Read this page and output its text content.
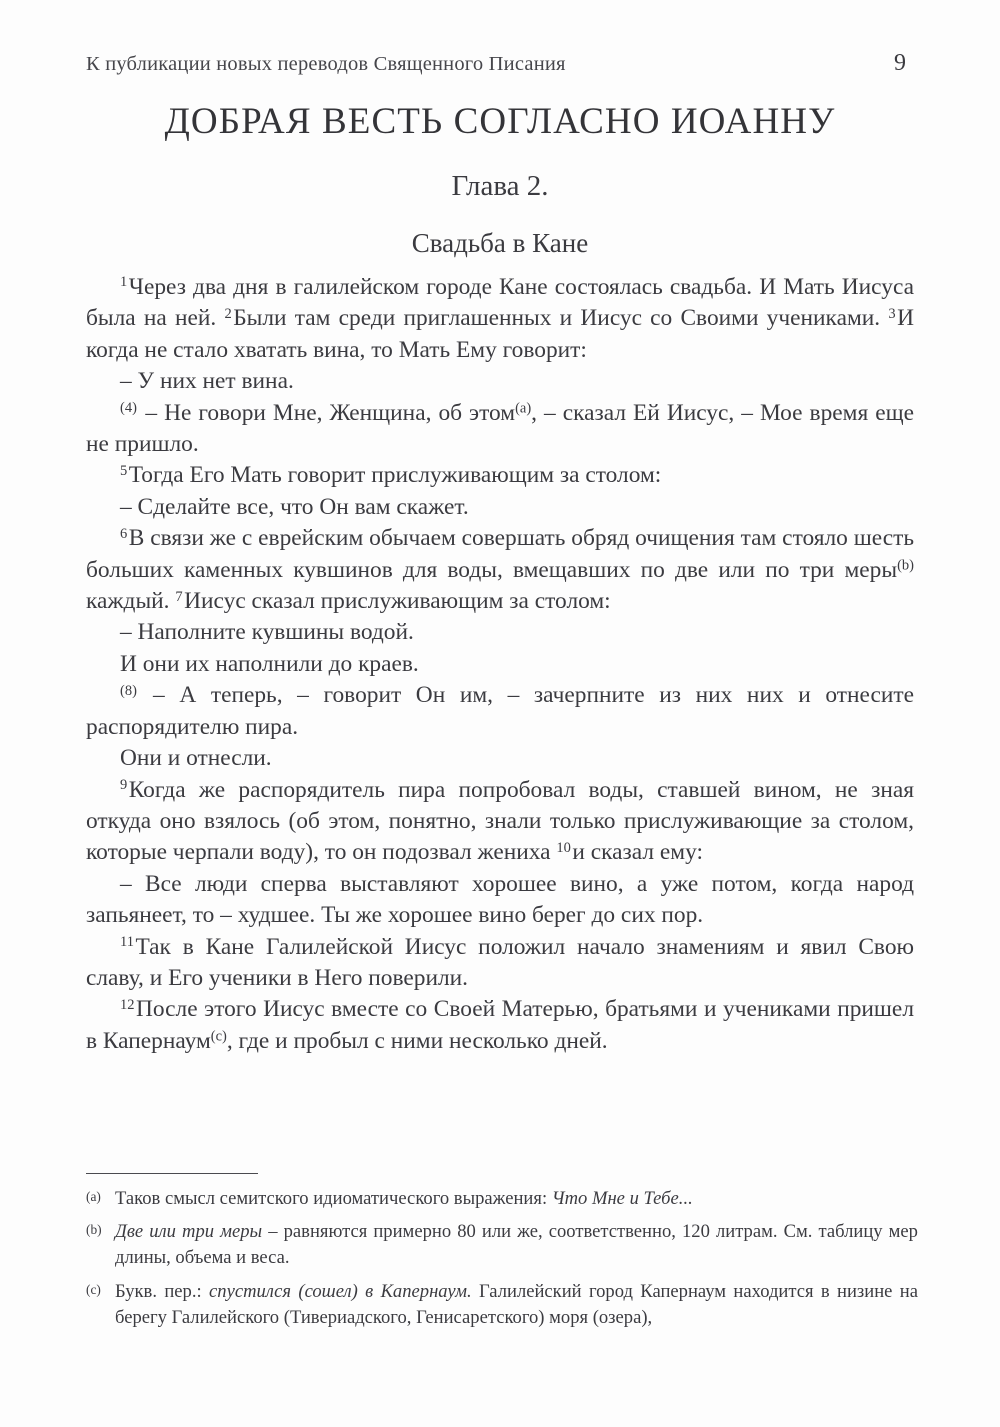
К публикации новых переводов Священного Писания	9
ДОБРАЯ ВЕСТЬ СОГЛАСНО ИОАННУ
Глава 2.
Свадьба в Кане

$^1$Через два дня в галилейском городе Кане состоялась свадьба. И Мать Иисуса была на ней. $^2$Были там среди приглашенных и Иисус со Своими учениками. $^3$И когда не стало хватать вина, то Мать Ему говорит:

– У них нет вина.

$^{(4)}$ – Не говори Мне, Женщина, об этом$^{(a)}$, – сказал Ей Иисус, – Мое время еще не пришло.

$^5$Тогда Его Мать говорит прислуживающим за столом:

– Сделайте все, что Он вам скажет.

$^6$В связи же с еврейским обычаем совершать обряд очищения там стояло шесть больших каменных кувшинов для воды, вмещавших по две или по три меры$^{(b)}$ каждый. $^7$Иисус сказал прислуживающим за столом:

– Наполните кувшины водой.

И они их наполнили до краев.

$^{(8)}$ – А теперь, – говорит Он им, – зачерпните из них них и отнесите распорядителю пира.

Они и отнесли.

$^9$Когда же распорядитель пира попробовал воды, ставшей вином, не зная откуда оно взялось (об этом, понятно, знали только прислуживающие за столом, которые черпали воду), то он подозвал жениха $^{10}$и сказал ему:

– Все люди сперва выставляют хорошее вино, а уже потом, когда народ запьянеет, то – худшее. Ты же хорошее вино берег до сих пор.

$^{11}$Так в Кане Галилейской Иисус положил начало знамениям и явил Свою славу, и Его ученики в Него поверили.

$^{12}$После этого Иисус вместе со Своей Матерью, братьями и учениками пришел в Капернаум$^{(c)}$, где и пробыл с ними несколько дней.

(a) Таков смысл семитского идиоматического выражения: Что Мне и Тебе...

(b) Две или три меры – равняются примерно 80 или же, соответственно, 120 литрам. См. таблицу мер длины, объема и веса.

(c) Букв. пер.: спустился (сошел) в Капернаум. Галилейский город Капернаум находится в низине на берегу Галилейского (Тивериадского, Генисаретского) моря (озера),
